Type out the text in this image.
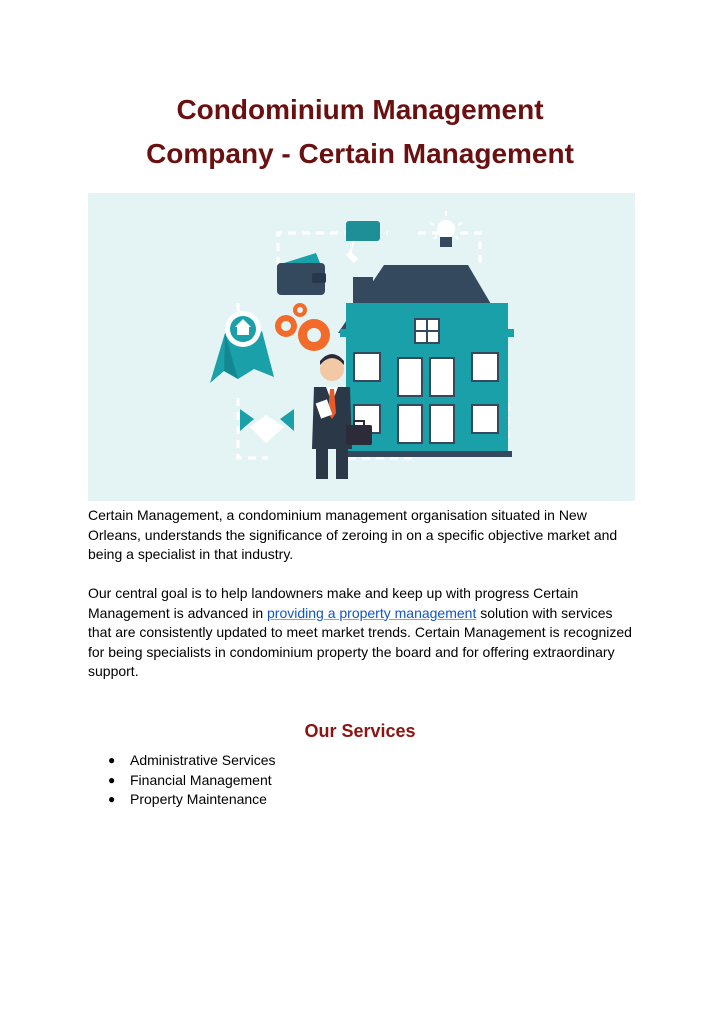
Condominium Management
Company - Certain Management

Certain Management, a condominium management organisation situated in New Orleans, understands the significance of zeroing in on a specific objective market and being a specialist in that industry.

Our central goal is to help landowners make and keep up with progress Certain Management is advanced in providing a property management solution with services that are consistently updated to meet market trends. Certain Management is recognized for being specialists in condominium property the board and for offering extraordinary support.

Our Services
● Administrative Services
● Financial Management
● Property Maintenance
